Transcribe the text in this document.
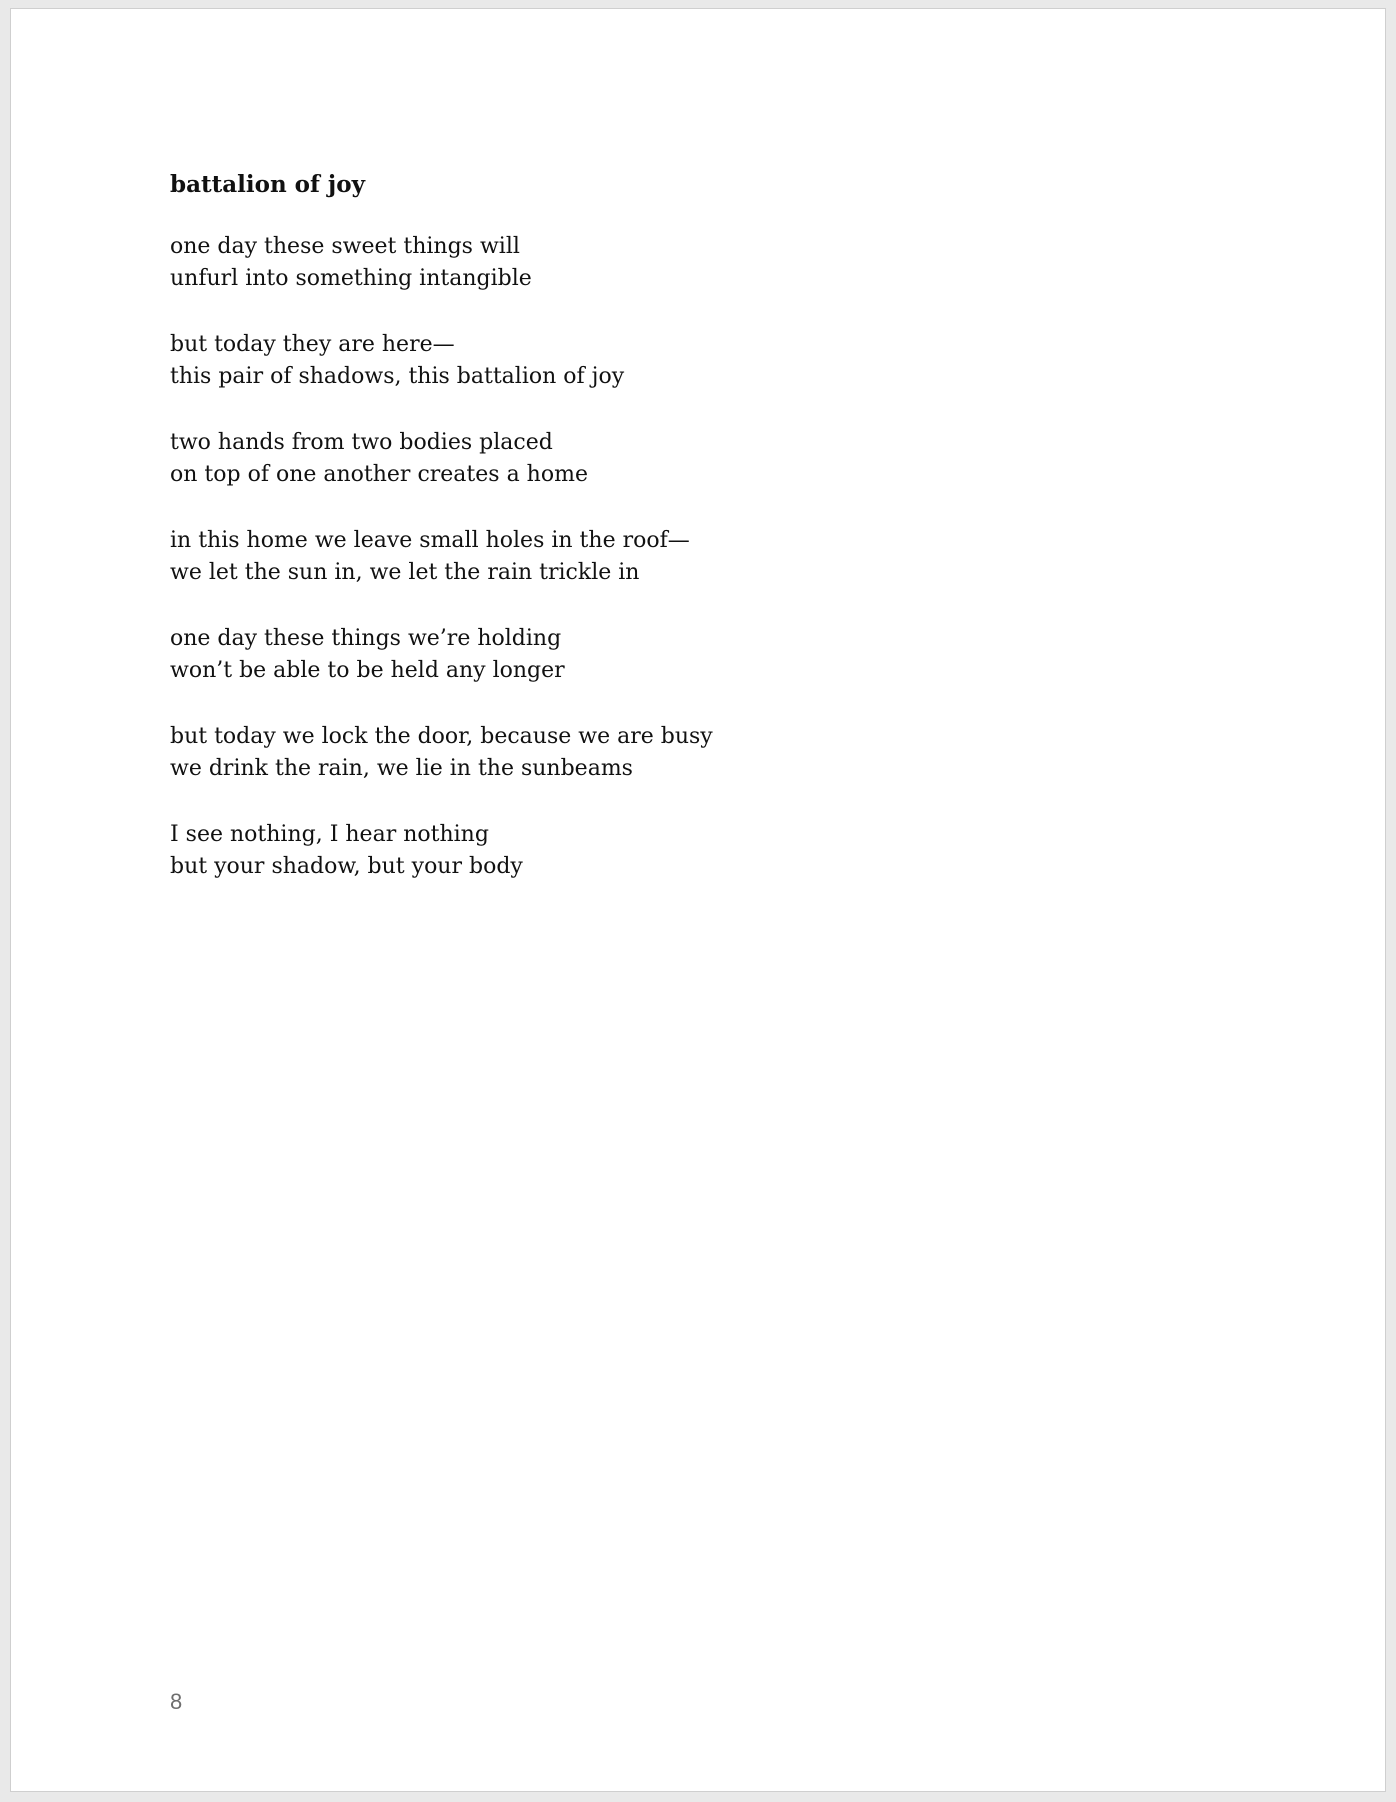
battalion of joy
one day these sweet things will
unfurl into something intangible
but today they are here—
this pair of shadows, this battalion of joy
two hands from two bodies placed
on top of one another creates a home
in this home we leave small holes in the roof—
we let the sun in, we let the rain trickle in
one day these things we’re holding
won’t be able to be held any longer
but today we lock the door, because we are busy
we drink the rain, we lie in the sunbeams
I see nothing, I hear nothing
but your shadow, but your body
8
